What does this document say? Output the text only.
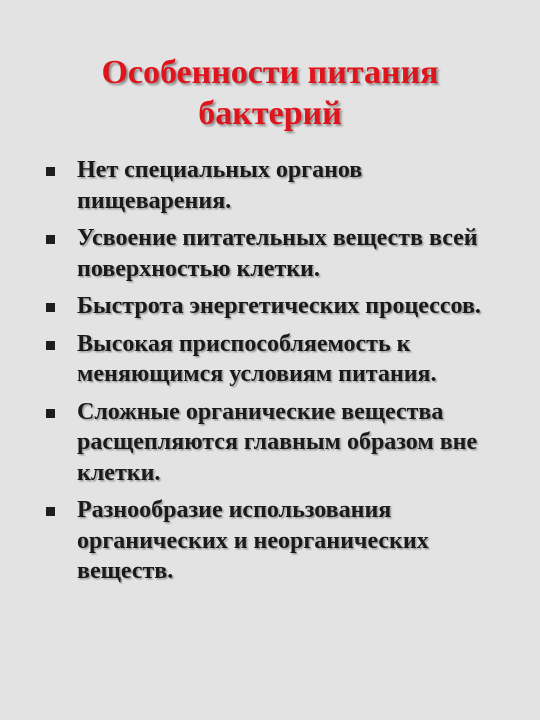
Особенности питания бактерий
Нет специальных органов пищеварения.
Усвоение питательных веществ всей поверхностью клетки.
Быстрота энергетических процессов.
Высокая приспособляемость к меняющимся условиям питания.
Сложные органические вещества расщепляются главным образом вне клетки.
Разнообразие использования органических и неорганических веществ.
